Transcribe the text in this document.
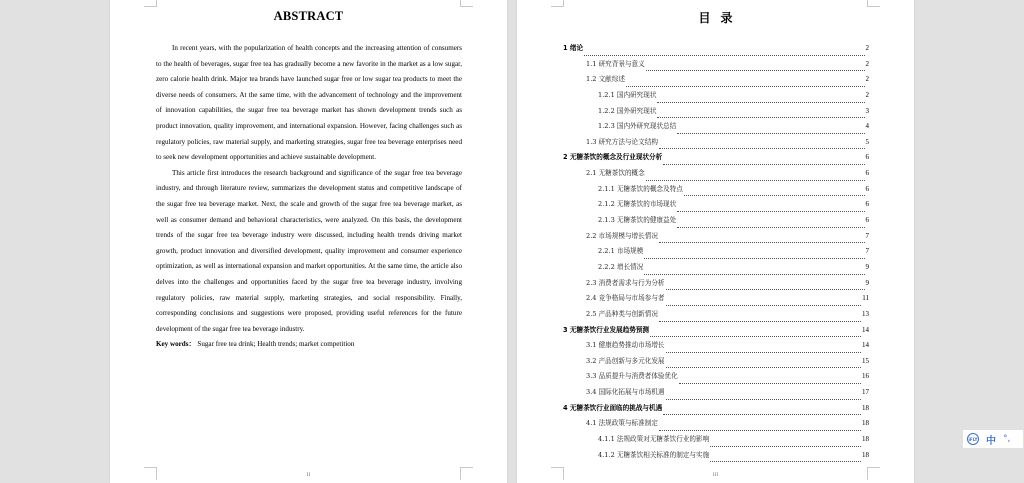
ABSTRACT

In recent years, with the popularization of health concepts and the increasing attention of consumers to the health of beverages, sugar free tea has gradually become a new favorite in the market as a low sugar, zero calorie health drink. Major tea brands have launched sugar free or low sugar tea products to meet the diverse needs of consumers. At the same time, with the advancement of technology and the improvement of innovation capabilities, the sugar free tea beverage market has shown development trends such as product innovation, quality improvement, and international expansion. However, facing challenges such as regulatory policies, raw material supply, and marketing strategies, sugar free tea beverage enterprises need to seek new development opportunities and achieve sustainable development.

This article first introduces the research background and significance of the sugar free tea beverage industry, and through literature review, summarizes the development status and competitive landscape of the sugar free tea beverage market. Next, the scale and growth of the sugar free tea beverage market, as well as consumer demand and behavioral characteristics, were analyzed. On this basis, the development trends of the sugar free tea beverage industry were discussed, including health trends driving market growth, product innovation and diversified development, quality improvement and consumer experience optimization, as well as international expansion and market opportunities. At the same time, the article also delves into the challenges and opportunities faced by the sugar free tea beverage industry, involving regulatory policies, raw material supply, marketing strategies, and social responsibility. Finally, corresponding conclusions and suggestions were proposed, providing useful references for the future development of the sugar free tea beverage industry.

Key words： Sugar free tea drink; Health trends; market competition
II
目录
1 绪论	2
1.1 研究背景与意义	2
1.2 文献综述	2
1.2.1 国内研究现状	2
1.2.2 国外研究现状	3
1.2.3 国内外研究现状总结	4
1.3 研究方法与论文结构	5
2 无糖茶饮的概念及行业现状分析	6
2.1 无糖茶饮的概念	6
2.1.1 无糖茶饮的概念及特点	6
2.1.2 无糖茶饮的市场现状	6
2.1.3 无糖茶饮的健康益处	6
2.2 市场规模与增长情况	7
2.2.1 市场规模	7
2.2.2 增长情况	9
2.3 消费者需求与行为分析	9
2.4 竞争格局与市场参与者	11
2.5 产品种类与创新情况	13
3 无糖茶饮行业发展趋势预测	14
3.1 健康趋势推动市场增长	14
3.2 产品创新与多元化发展	15
3.3 品质提升与消费者体验优化	16
3.4 国际化拓展与市场机遇	17
4 无糖茶饮行业面临的挑战与机遇	18
4.1 法规政策与标准制定	18
4.1.1 法规政策对无糖茶饮行业的影响	18
4.1.2 无糖茶饮相关标准的制定与实施	18
III
iFLY 中 °,
